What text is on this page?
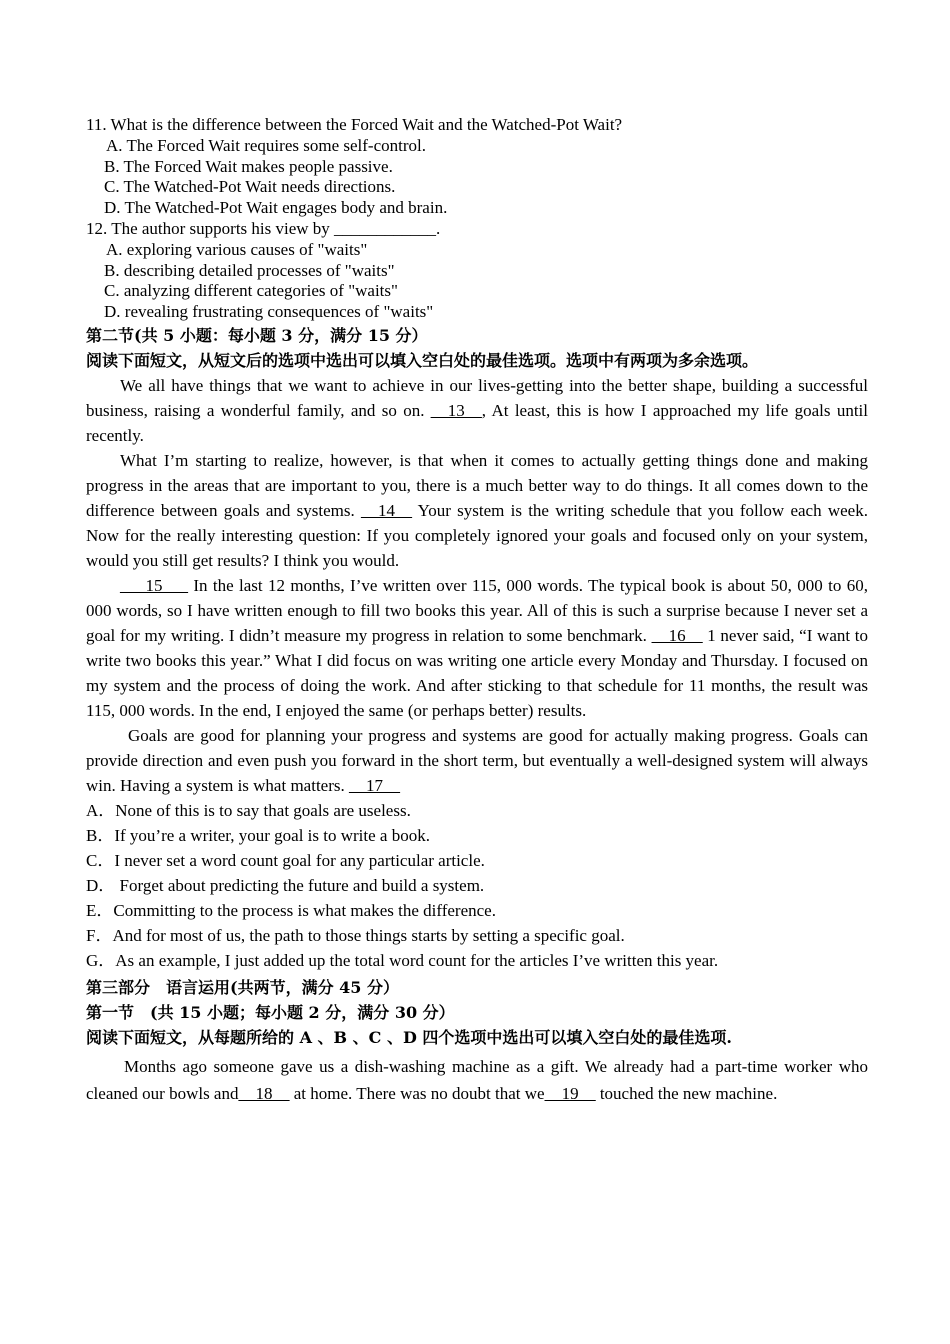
11. What is the difference between the Forced Wait and the Watched-Pot Wait?
A. The Forced Wait requires some self-control.
B. The Forced Wait makes people passive.
C. The Watched-Pot Wait needs directions.
D. The Watched-Pot Wait engages body and brain.
12. The author supports his view by ____________.
A. exploring various causes of "waits"
B. describing detailed processes of "waits"
C. analyzing different categories of "waits"
D. revealing frustrating consequences of "waits"
第二节(共 5 小题：每小题 3 分，满分 15 分）
阅读下面短文，从短文后的选项中选出可以填入空白处的最佳选项。选项中有两项为多余选项。
We all have things that we want to achieve in our lives-getting into the better shape, building a successful business, raising a wonderful family, and so on. __13__, At least, this is how I approached my life goals until recently.
What I’m starting to realize, however, is that when it comes to actually getting things done and making progress in the areas that are important to you, there is a much better way to do things. It all comes down to the difference between goals and systems. __14__ Your system is the writing schedule that you follow each week. Now for the really interesting question: If you completely ignored your goals and focused only on your system, would you still get results? I think you would.
___15___ In the last 12 months, I’ve written over 115, 000 words. The typical book is about 50, 000 to 60, 000 words, so I have written enough to fill two books this year. All of this is such a surprise because I never set a goal for my writing. I didn’t measure my progress in relation to some benchmark. __16__ 1 never said, “I want to write two books this year.” What I did focus on was writing one article every Monday and Thursday. I focused on my system and the process of doing the work. And after sticking to that schedule for 11 months, the result was 115, 000 words. In the end, I enjoyed the same (or perhaps better) results.
Goals are good for planning your progress and systems are good for actually making progress. Goals can provide direction and even push you forward in the short term, but eventually a well-designed system will always win. Having a system is what matters. __17__
A．None of this is to say that goals are useless.
B．If you’re a writer, your goal is to write a book.
C．I never set a word count goal for any particular article.
D． Forget about predicting the future and build a system.
E．Committing to the process is what makes the difference.
F．And for most of us, the path to those things starts by setting a specific goal.
G．As an example, I just added up the total word count for the articles I’ve written this year.
第三部分　语言运用(共两节，满分 45 分）
第一节　(共 15 小题；每小题 2 分，满分 30 分）
阅读下面短文，从每题所给的 A 、B 、C 、D 四个选项中选出可以填入空白处的最佳选项.
Months ago someone gave us a dish-washing machine as a gift. We already had a part-time worker who cleaned our bowls and__18__ at home. There was no doubt that we__19__ touched the new machine.
